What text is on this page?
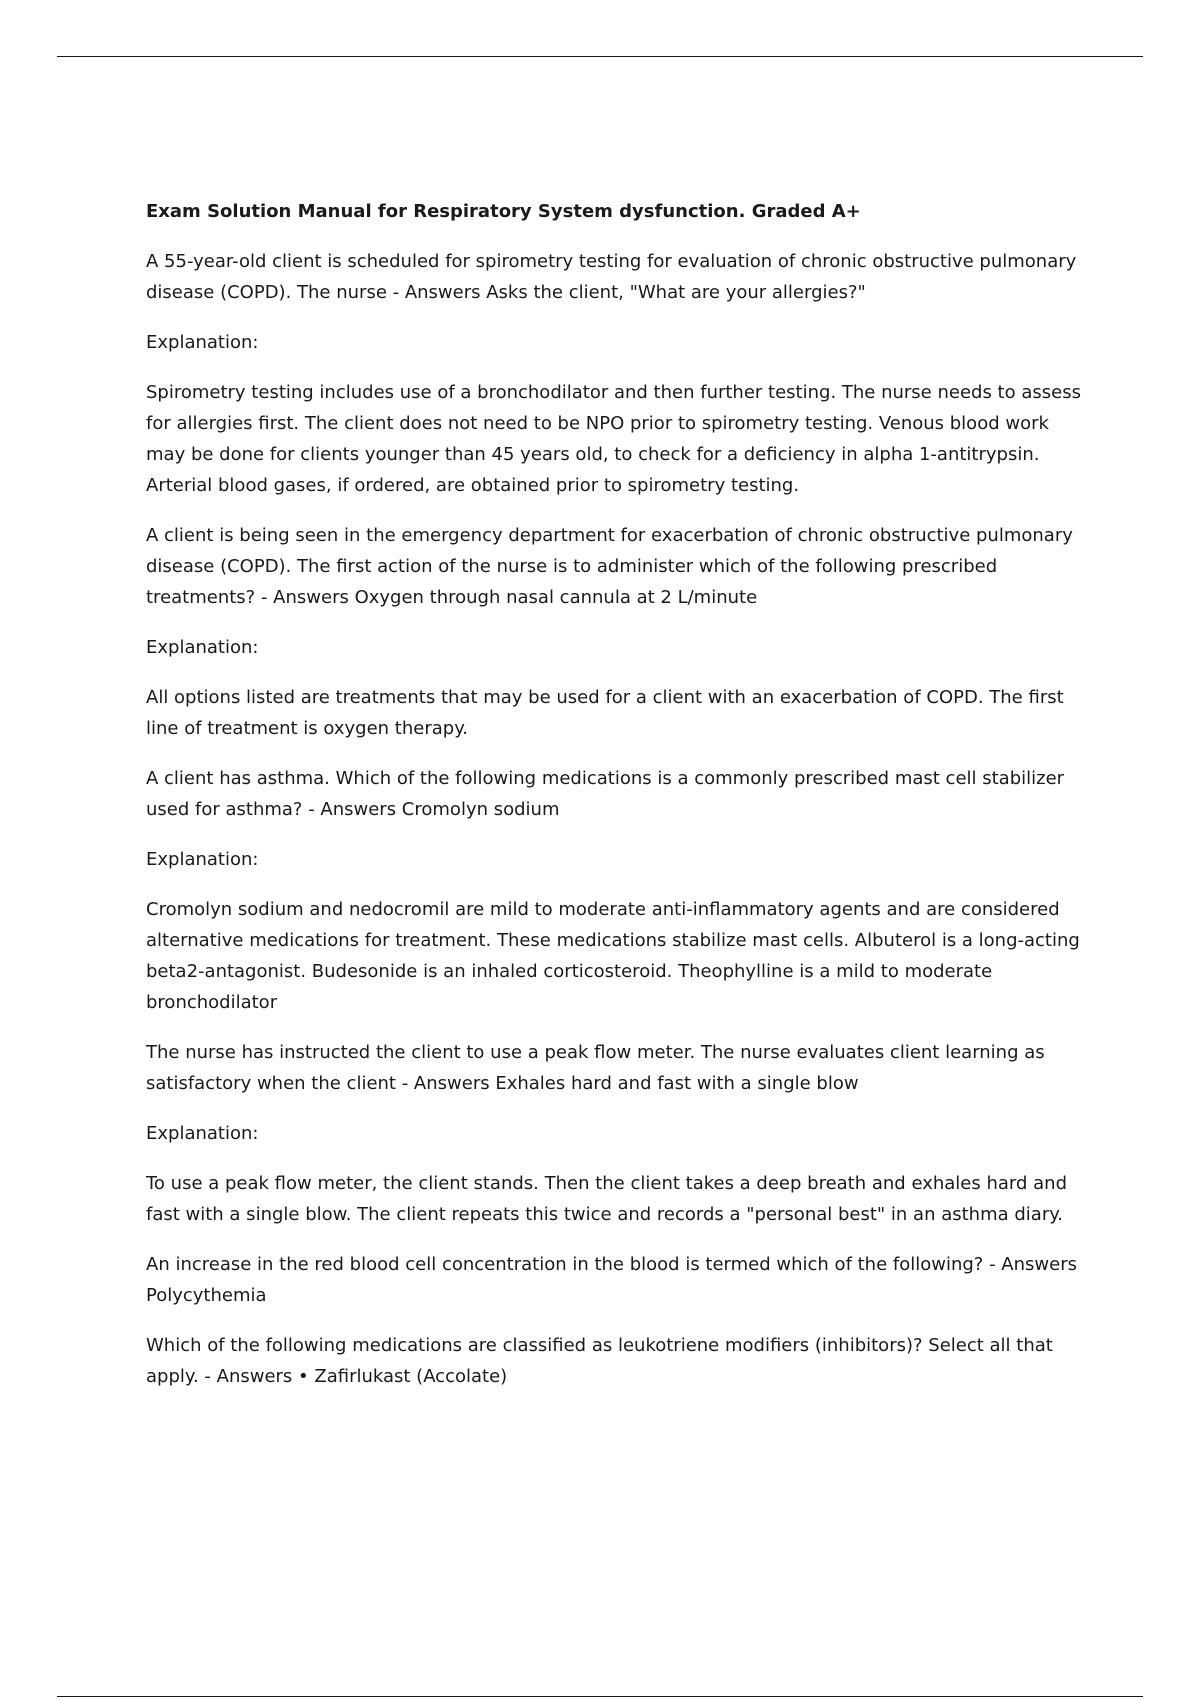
Exam Solution Manual for Respiratory System dysfunction. Graded A+

A 55-year-old client is scheduled for spirometry testing for evaluation of chronic obstructive pulmonary disease (COPD). The nurse - Answers Asks the client, "What are your allergies?"

Explanation:

Spirometry testing includes use of a bronchodilator and then further testing. The nurse needs to assess for allergies first. The client does not need to be NPO prior to spirometry testing. Venous blood work may be done for clients younger than 45 years old, to check for a deficiency in alpha 1-antitrypsin. Arterial blood gases, if ordered, are obtained prior to spirometry testing.

A client is being seen in the emergency department for exacerbation of chronic obstructive pulmonary disease (COPD). The first action of the nurse is to administer which of the following prescribed treatments? - Answers Oxygen through nasal cannula at 2 L/minute

Explanation:

All options listed are treatments that may be used for a client with an exacerbation of COPD. The first line of treatment is oxygen therapy.

A client has asthma. Which of the following medications is a commonly prescribed mast cell stabilizer used for asthma? - Answers Cromolyn sodium

Explanation:

Cromolyn sodium and nedocromil are mild to moderate anti-inflammatory agents and are considered alternative medications for treatment. These medications stabilize mast cells. Albuterol is a long-acting beta2-antagonist. Budesonide is an inhaled corticosteroid. Theophylline is a mild to moderate bronchodilator

The nurse has instructed the client to use a peak flow meter. The nurse evaluates client learning as satisfactory when the client - Answers Exhales hard and fast with a single blow

Explanation:

To use a peak flow meter, the client stands. Then the client takes a deep breath and exhales hard and fast with a single blow. The client repeats this twice and records a "personal best" in an asthma diary.

An increase in the red blood cell concentration in the blood is termed which of the following? - Answers Polycythemia

Which of the following medications are classified as leukotriene modifiers (inhibitors)? Select all that apply. - Answers • Zafirlukast (Accolate)
